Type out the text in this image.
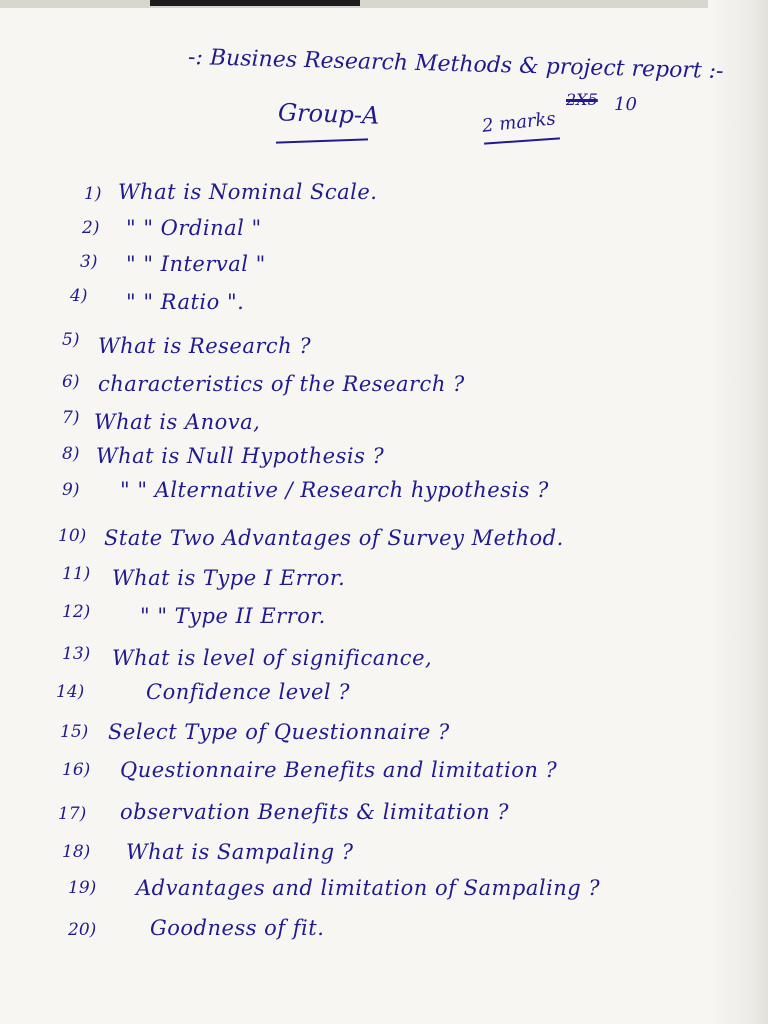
-: Busines Research Methods & project report :-
Group-A	2 marks
2X5 10
1) What is Nominal Scale.
2) " " Ordinal "
3) " " Interval "
4) " " Ratio ".
5) What is Research ?
6) characteristics of the Research ?
7) What is Anova,
8) What is Null Hypothesis ?
9) " " Alternative / Research hypothesis ?
10) State Two Advantages of Survey Method.
11) What is Type I Error.
12) " " Type II Error.
13) What is level of significance,
14)	Confidence level ?
15) Select Type of Questionnaire ?
16) Questionnaire Benefits and limitation ?
17) observation Benefits & limitation ?
18) What is Sampaling ?
19) Advantages and limitation of Sampaling ?
20)	Goodness of fit.
